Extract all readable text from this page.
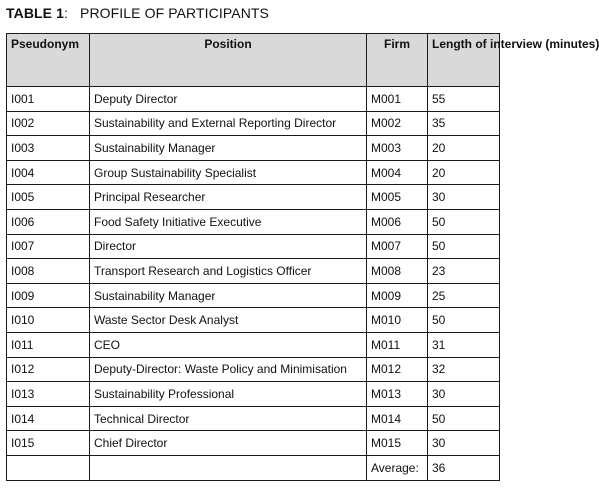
TABLE 1: PROFILE OF PARTICIPANTS
Pseudonym	Position	Firm	Length of interview (minutes)
I001	Deputy Director	M001	55
I002	Sustainability and External Reporting Director	M002	35
I003	Sustainability Manager	M003	20
I004	Group Sustainability Specialist	M004	20
I005	Principal Researcher	M005	30
I006	Food Safety Initiative Executive	M006	50
I007	Director	M007	50
I008	Transport Research and Logistics Officer	M008	23
I009	Sustainability Manager	M009	25
I010	Waste Sector Desk Analyst	M010	50
I011	CEO	M011	31
I012	Deputy-Director: Waste Policy and Minimisation	M012	32
I013	Sustainability Professional	M013	30
I014	Technical Director	M014	50
I015	Chief Director	M015	30
		Average:	36
